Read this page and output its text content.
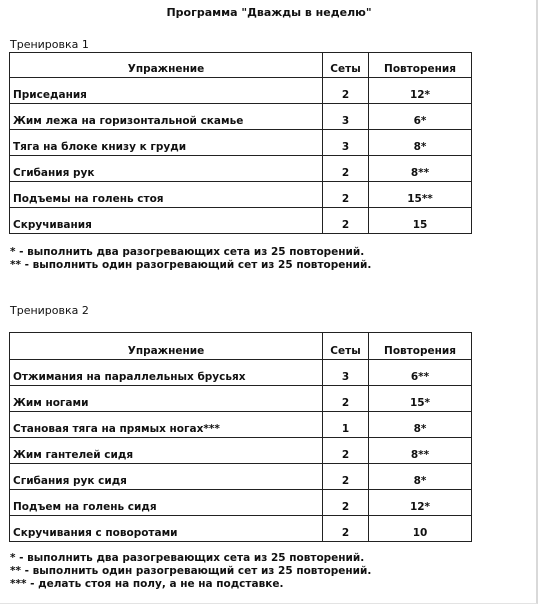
Программа "Дважды в неделю"
Тренировка 1
Упражнение	Сеты	Повторения
Приседания	2	12*
Жим лежа на горизонтальной скамье	3	6*
Тяга на блоке книзу к груди	3	8*
Сгибания рук	2	8**
Подъемы на голень стоя	2	15**
Скручивания	2	15
* - выполнить два разогревающих сета из 25 повторений.
** - выполнить один разогревающий сет из 25 повторений.
Тренировка 2
Упражнение	Сеты	Повторения
Отжимания на параллельных брусьях	3	6**
Жим ногами	2	15*
Становая тяга на прямых ногах***	1	8*
Жим гантелей сидя	2	8**
Сгибания рук сидя	2	8*
Подъем на голень сидя	2	12*
Скручивания с поворотами	2	10
* - выполнить два разогревающих сета из 25 повторений.
** - выполнить один разогревающий сет из 25 повторений.
*** - делать стоя на полу, а не на подставке.
